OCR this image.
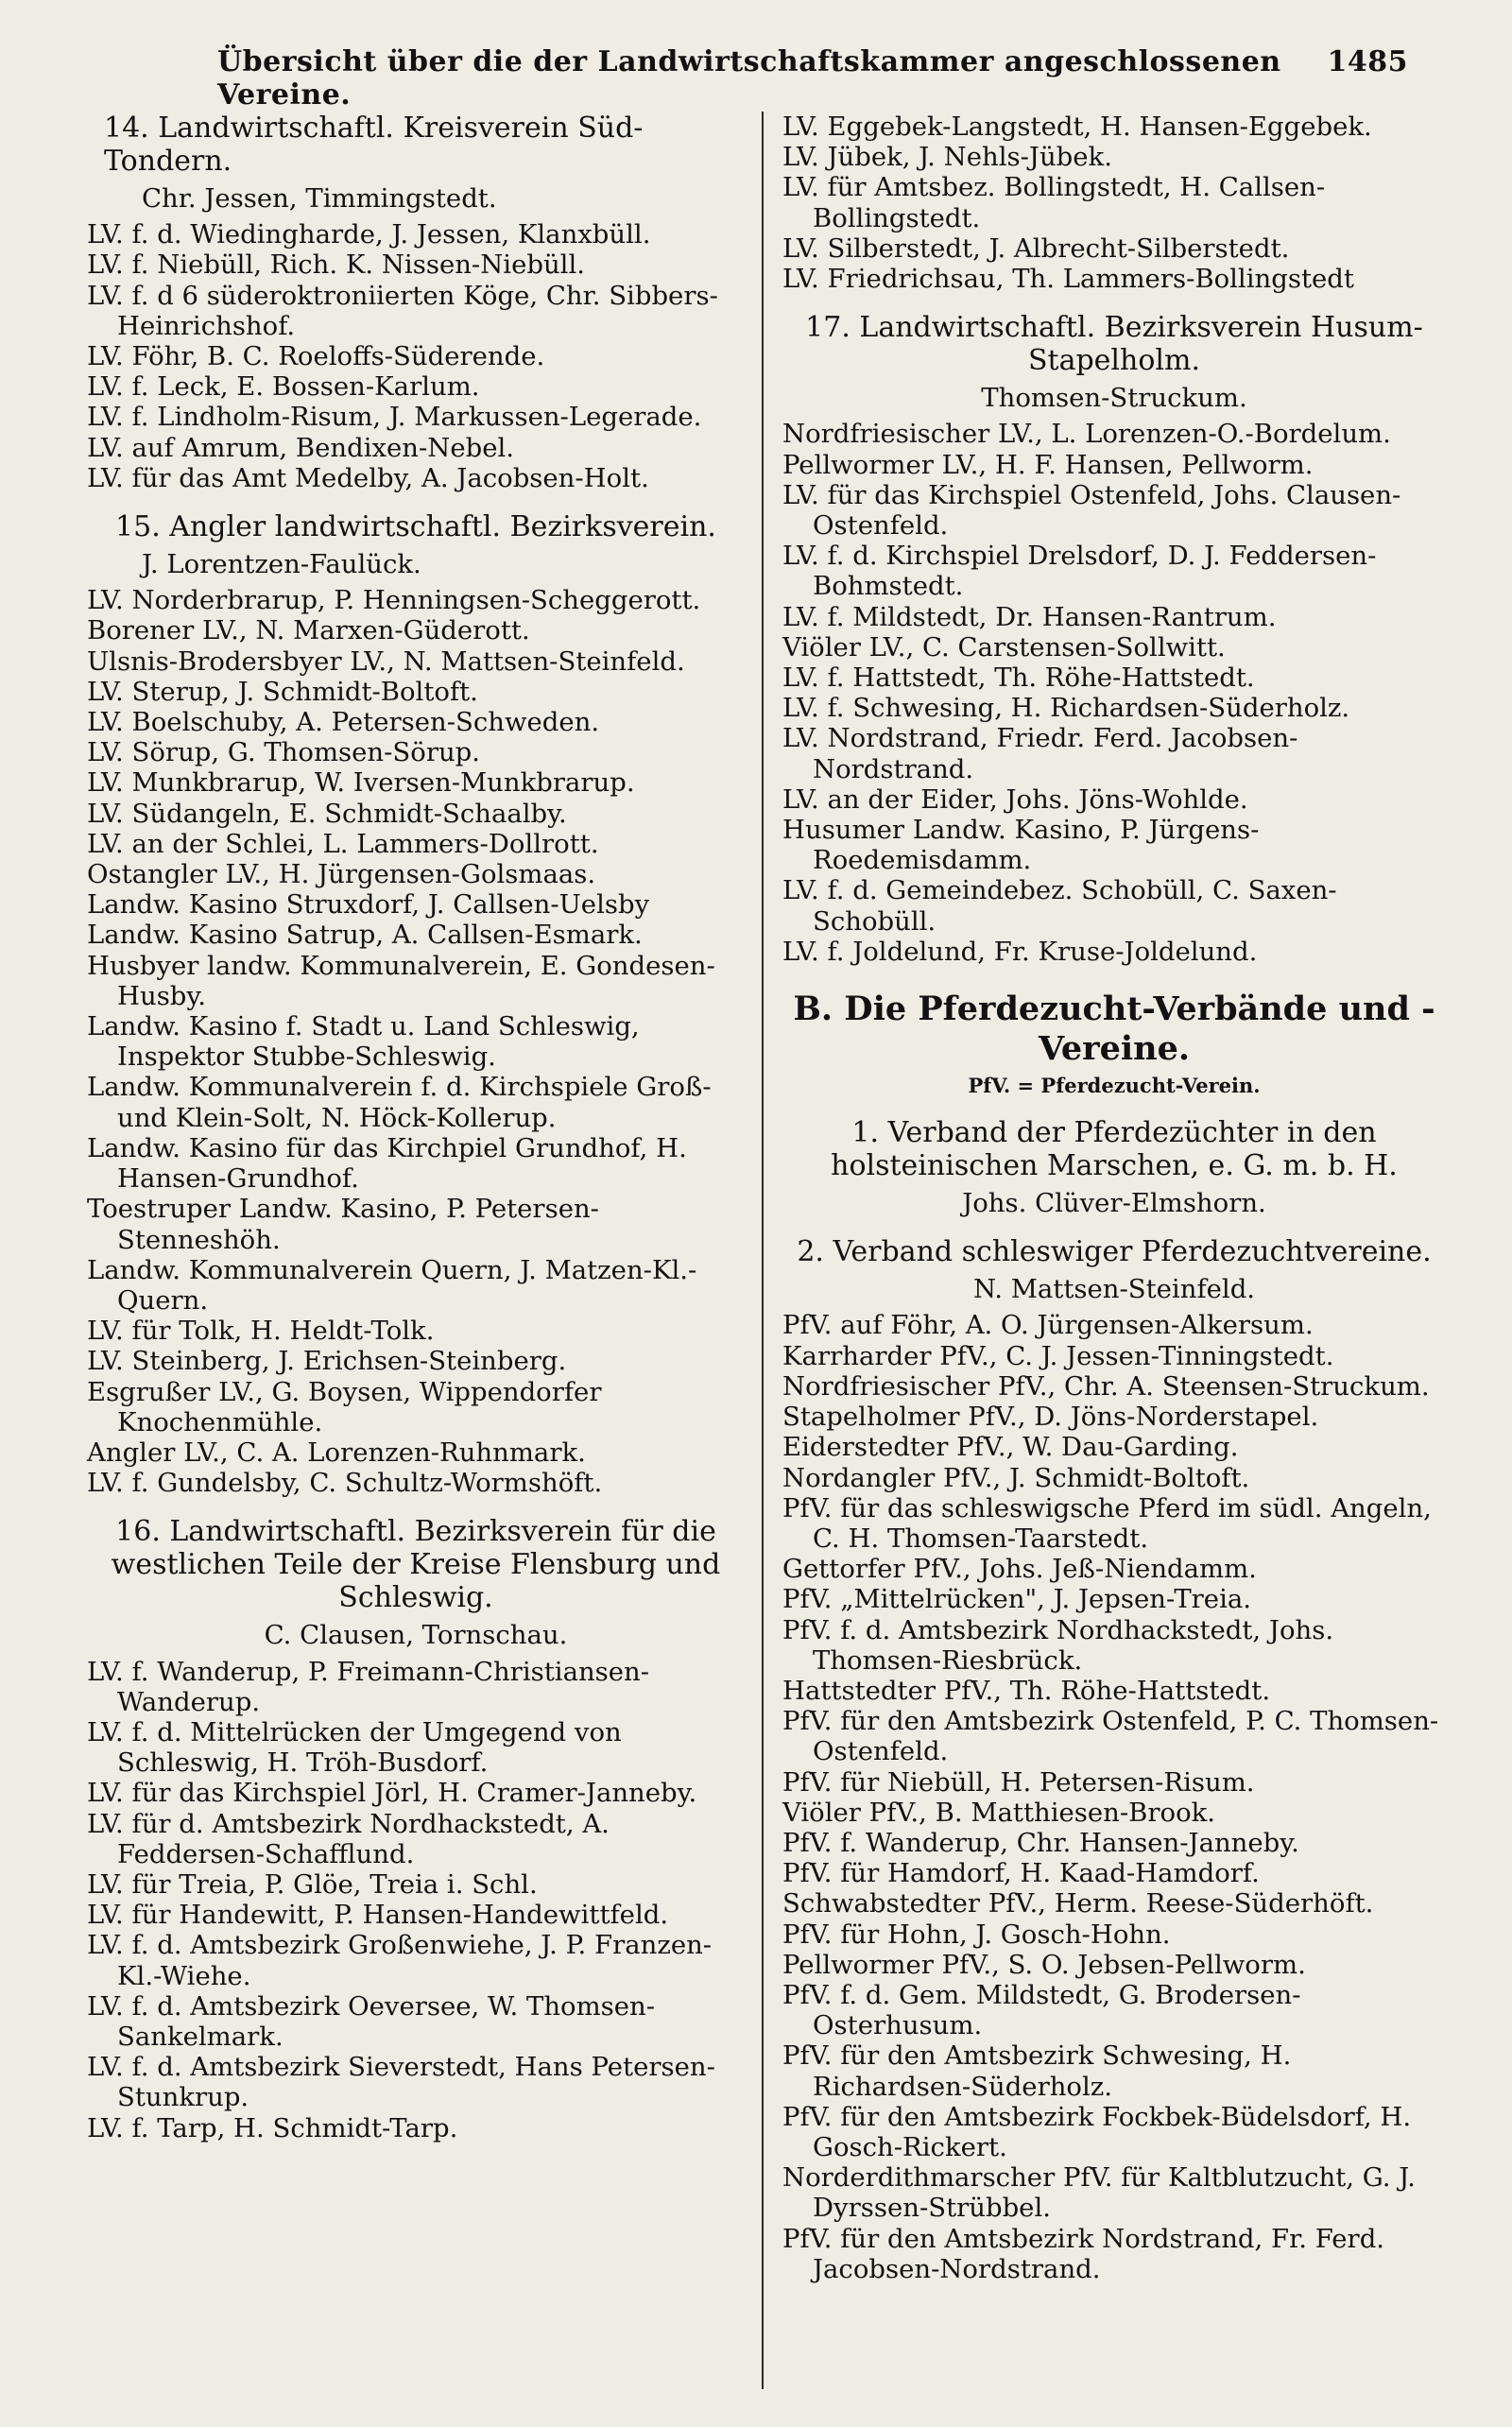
Übersicht über die der Landwirtschaftskammer angeschlossenen Vereine.
1485
14. Landwirtschaftl. Kreisverein Süd-Tondern.
Chr. Jessen, Timmingstedt.

LV. f. d. Wiedingharde, J. Jessen, Klanxbüll.

LV. f. Niebüll, Rich. K. Nissen-Niebüll.

LV. f. d 6 süderoktroniierten Köge, Chr. Sibbers-Heinrichshof.

LV. Föhr, B. C. Roeloffs-Süderende.

LV. f. Leck, E. Bossen-Karlum.

LV. f. Lindholm-Risum, J. Markussen-Legerade.

LV. auf Amrum, Bendixen-Nebel.

LV. für das Amt Medelby, A. Jacobsen-Holt.

15. Angler landwirtschaftl. Bezirksverein.
J. Lorentzen-Faulück.

LV. Norderbrarup, P. Henningsen-Scheggerott.

Borener LV., N. Marxen-Güderott.

Ulsnis-Brodersbyer LV., N. Mattsen-Steinfeld.

LV. Sterup, J. Schmidt-Boltoft.

LV. Boelschuby, A. Petersen-Schweden.

LV. Sörup, G. Thomsen-Sörup.

LV. Munkbrarup, W. Iversen-Munkbrarup.

LV. Südangeln, E. Schmidt-Schaalby.

LV. an der Schlei, L. Lammers-Dollrott.

Ostangler LV., H. Jürgensen-Golsmaas.

Landw. Kasino Struxdorf, J. Callsen-Uelsby

Landw. Kasino Satrup, A. Callsen-Esmark.

Husbyer landw. Kommunalverein, E. Gondesen-Husby.

Landw. Kasino f. Stadt u. Land Schleswig, Inspektor Stubbe-Schleswig.

Landw. Kommunalverein f. d. Kirchspiele Groß- und Klein-Solt, N. Höck-Kollerup.

Landw. Kasino für das Kirchpiel Grundhof, H. Hansen-Grundhof.

Toestruper Landw. Kasino, P. Petersen-Stenneshöh.

Landw. Kommunalverein Quern, J. Matzen-Kl.-Quern.

LV. für Tolk, H. Heldt-Tolk.

LV. Steinberg, J. Erichsen-Steinberg.

Esgrußer LV., G. Boysen, Wippendorfer Knochenmühle.

Angler LV., C. A. Lorenzen-Ruhnmark.

LV. f. Gundelsby, C. Schultz-Wormshöft.

16. Landwirtschaftl. Bezirksverein für die westlichen Teile der Kreise Flensburg und Schleswig.
C. Clausen, Tornschau.

LV. f. Wanderup, P. Freimann-Christiansen-Wanderup.

LV. f. d. Mittelrücken der Umgegend von Schleswig, H. Tröh-Busdorf.

LV. für das Kirchspiel Jörl, H. Cramer-Janneby.

LV. für d. Amtsbezirk Nordhackstedt, A. Feddersen-Schafflund.

LV. für Treia, P. Glöe, Treia i. Schl.

LV. für Handewitt, P. Hansen-Handewittfeld.

LV. f. d. Amtsbezirk Großenwiehe, J. P. Franzen-Kl.-Wiehe.

LV. f. d. Amtsbezirk Oeversee, W. Thomsen-Sankelmark.

LV. f. d. Amtsbezirk Sieverstedt, Hans Petersen-Stunkrup.

LV. f. Tarp, H. Schmidt-Tarp.

LV. Eggebek-Langstedt, H. Hansen-Eggebek.

LV. Jübek, J. Nehls-Jübek.

LV. für Amtsbez. Bollingstedt, H. Callsen-Bollingstedt.

LV. Silberstedt, J. Albrecht-Silberstedt.

LV. Friedrichsau, Th. Lammers-Bollingstedt

17. Landwirtschaftl. Bezirksverein Husum-Stapelholm.
Thomsen-Struckum.

Nordfriesischer LV., L. Lorenzen-O.-Bordelum.

Pellwormer LV., H. F. Hansen, Pellworm.

LV. für das Kirchspiel Ostenfeld, Johs. Clausen-Ostenfeld.

LV. f. d. Kirchspiel Drelsdorf, D. J. Feddersen-Bohmstedt.

LV. f. Mildstedt, Dr. Hansen-Rantrum.

Viöler LV., C. Carstensen-Sollwitt.

LV. f. Hattstedt, Th. Röhe-Hattstedt.

LV. f. Schwesing, H. Richardsen-Süderholz.

LV. Nordstrand, Friedr. Ferd. Jacobsen-Nordstrand.

LV. an der Eider, Johs. Jöns-Wohlde.

Husumer Landw. Kasino, P. Jürgens-Roedemisdamm.

LV. f. d. Gemeindebez. Schobüll, C. Saxen-Schobüll.

LV. f. Joldelund, Fr. Kruse-Joldelund.

B. Die Pferdezucht-Verbände und -Vereine.
PfV. = Pferdezucht-Verein.
1. Verband der Pferdezüchter in den holsteinischen Marschen, e. G. m. b. H.
Johs. Clüver-Elmshorn.
2. Verband schleswiger Pferdezuchtvereine.
N. Mattsen-Steinfeld.

PfV. auf Föhr, A. O. Jürgensen-Alkersum.

Karrharder PfV., C. J. Jessen-Tinningstedt.

Nordfriesischer PfV., Chr. A. Steensen-Struckum.

Stapelholmer PfV., D. Jöns-Norderstapel.

Eiderstedter PfV., W. Dau-Garding.

Nordangler PfV., J. Schmidt-Boltoft.

PfV. für das schleswigsche Pferd im südl. Angeln, C. H. Thomsen-Taarstedt.

Gettorfer PfV., Johs. Jeß-Niendamm.

PfV. „Mittelrücken", J. Jepsen-Treia.

PfV. f. d. Amtsbezirk Nordhackstedt, Johs. Thomsen-Riesbrück.

Hattstedter PfV., Th. Röhe-Hattstedt.

PfV. für den Amtsbezirk Ostenfeld, P. C. Thomsen-Ostenfeld.

PfV. für Niebüll, H. Petersen-Risum.

Viöler PfV., B. Matthiesen-Brook.

PfV. f. Wanderup, Chr. Hansen-Janneby.

PfV. für Hamdorf, H. Kaad-Hamdorf.

Schwabstedter PfV., Herm. Reese-Süderhöft.

PfV. für Hohn, J. Gosch-Hohn.

Pellwormer PfV., S. O. Jebsen-Pellworm.

PfV. f. d. Gem. Mildstedt, G. Brodersen-Osterhusum.

PfV. für den Amtsbezirk Schwesing, H. Richardsen-Süderholz.

PfV. für den Amtsbezirk Fockbek-Büdelsdorf, H. Gosch-Rickert.

Norderdithmarscher PfV. für Kaltblutzucht, G. J. Dyrssen-Strübbel.

PfV. für den Amtsbezirk Nordstrand, Fr. Ferd. Jacobsen-Nordstrand.
